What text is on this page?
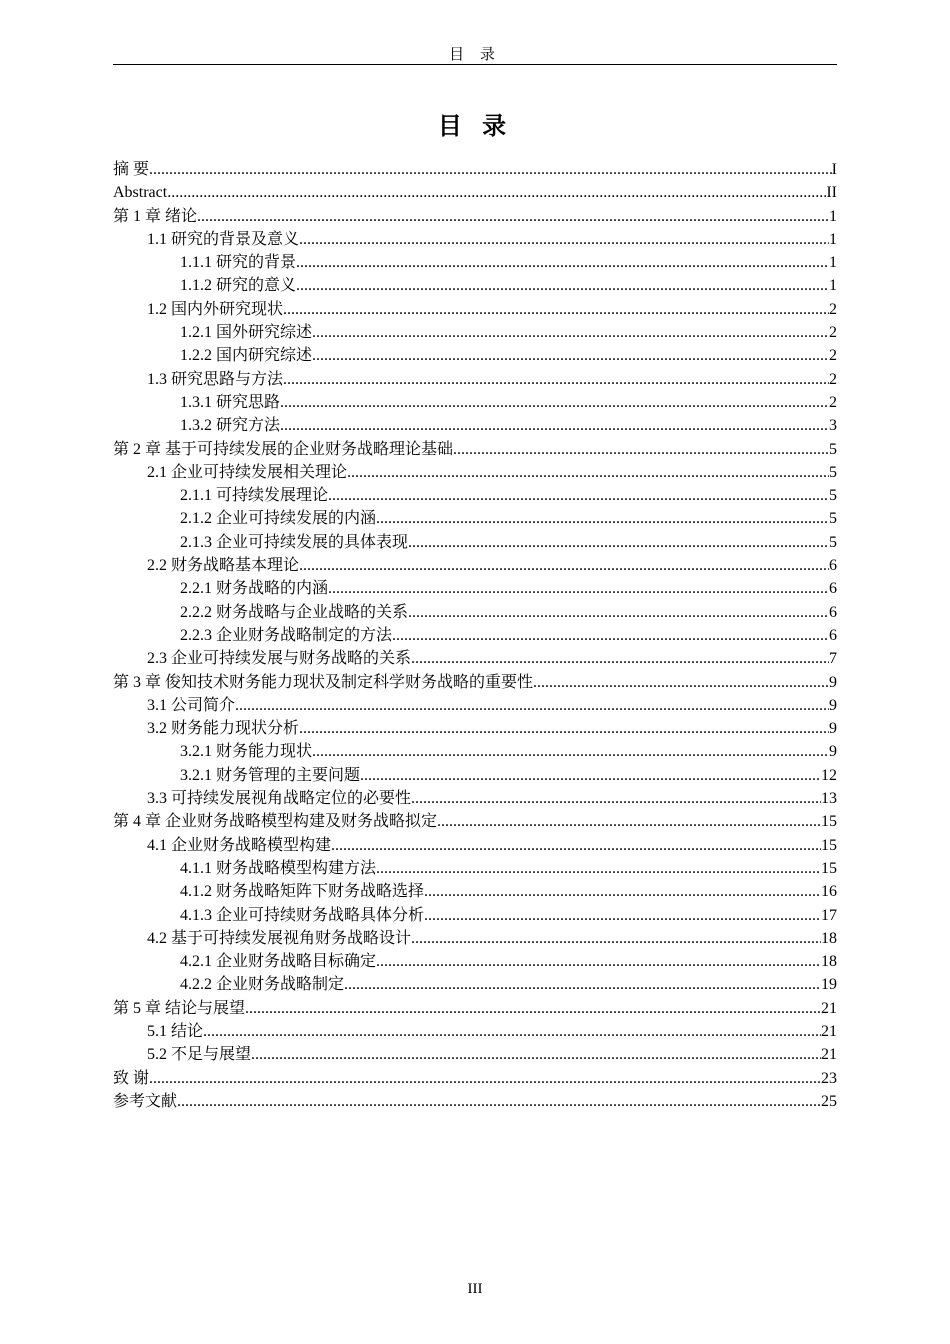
目 录
目 录
摘 要 .....	I
Abstract .....	II
第 1 章 绪论 .....	1
1.1 研究的背景及意义 .....	1
1.1.1 研究的背景 .....	1
1.1.2 研究的意义 .....	1
1.2 国内外研究现状 .....	2
1.2.1 国外研究综述 .....	2
1.2.2 国内研究综述 .....	2
1.3 研究思路与方法 .....	2
1.3.1 研究思路 .....	2
1.3.2 研究方法 .....	3
第 2 章 基于可持续发展的企业财务战略理论基础 .....	5
2.1 企业可持续发展相关理论 .....	5
2.1.1 可持续发展理论 .....	5
2.1.2 企业可持续发展的内涵 .....	5
2.1.3 企业可持续发展的具体表现 .....	5
2.2 财务战略基本理论 .....	6
2.2.1 财务战略的内涵 .....	6
2.2.2 财务战略与企业战略的关系 .....	6
2.2.3 企业财务战略制定的方法 .....	6
2.3 企业可持续发展与财务战略的关系 .....	7
第 3 章 俊知技术财务能力现状及制定科学财务战略的重要性 .....	9
3.1 公司简介 .....	9
3.2 财务能力现状分析 .....	9
3.2.1 财务能力现状 .....	9
3.2.1 财务管理的主要问题 .....	12
3.3 可持续发展视角战略定位的必要性 .....	13
第 4 章 企业财务战略模型构建及财务战略拟定 .....	15
4.1 企业财务战略模型构建 .....	15
4.1.1 财务战略模型构建方法 .....	15
4.1.2 财务战略矩阵下财务战略选择 .....	16
4.1.3 企业可持续财务战略具体分析 .....	17
4.2 基于可持续发展视角财务战略设计 .....	18
4.2.1 企业财务战略目标确定 .....	18
4.2.2 企业财务战略制定 .....	19
第 5 章 结论与展望 .....	21
5.1 结论 .....	21
5.2 不足与展望 .....	21
致 谢 .....	23
参考文献 .....	25
III
